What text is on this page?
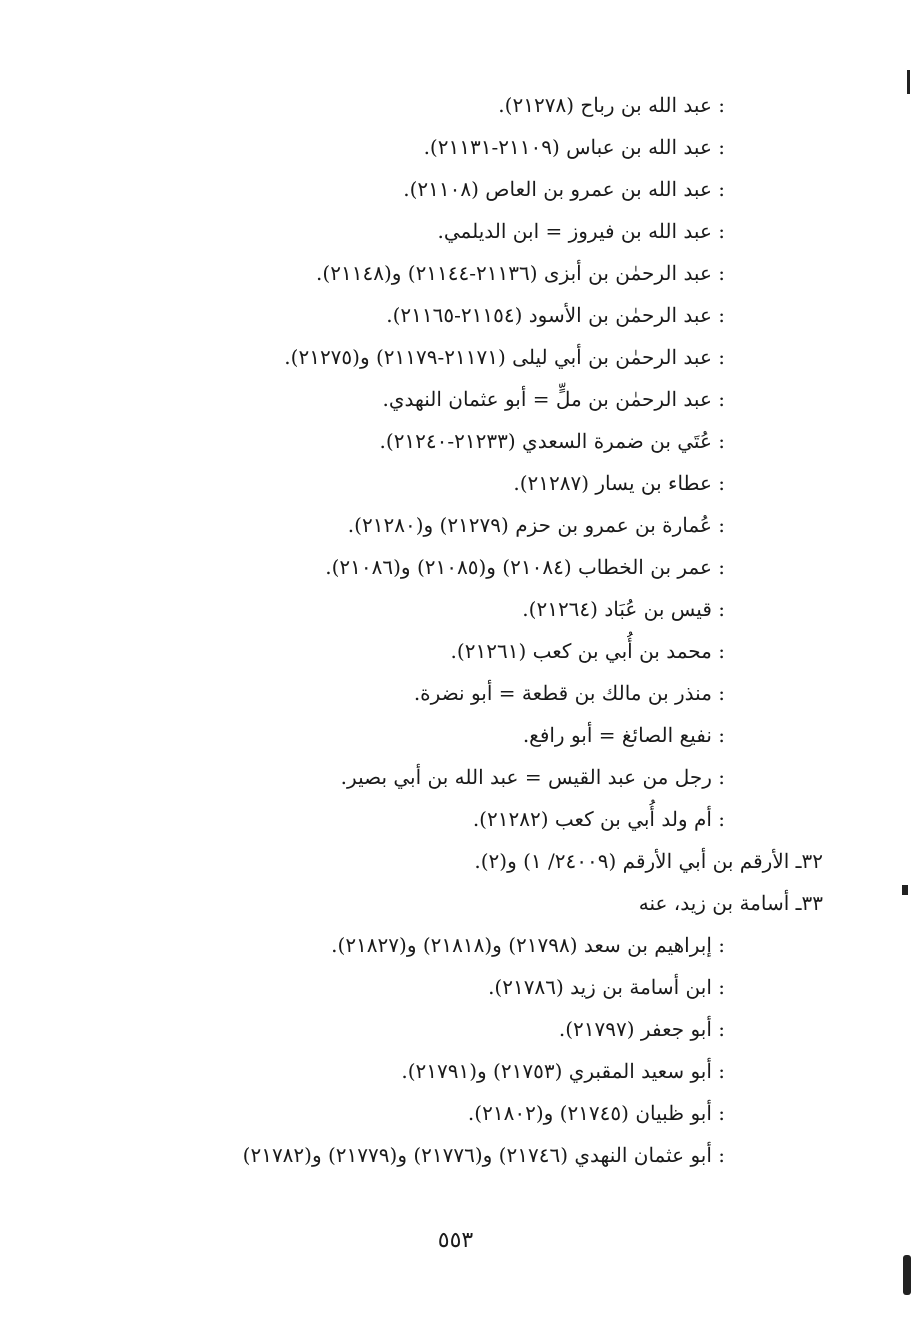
: عبد الله بن رباح (٢١٢٧٨).
: عبد الله بن عباس (٢١١٠٩-٢١١٣١).
: عبد الله بن عمرو بن العاص (٢١١٠٨).
: عبد الله بن فيروز = ابن الديلمي.
: عبد الرحمٰن بن أبزى (٢١١٣٦-٢١١٤٤) و(٢١١٤٨).
: عبد الرحمٰن بن الأسود (٢١١٥٤-٢١١٦٥).
: عبد الرحمٰن بن أبي ليلى (٢١١٧١-٢١١٧٩) و(٢١٢٧٥).
: عبد الرحمٰن بن ملٍّ = أبو عثمان النهدي.
: عُتَي بن ضمرة السعدي (٢١٢٣٣-٢١٢٤٠).
: عطاء بن يسار (٢١٢٨٧).
: عُمارة بن عمرو بن حزم (٢١٢٧٩) و(٢١٢٨٠).
: عمر بن الخطاب (٢١٠٨٤) و(٢١٠٨٥) و(٢١٠٨٦).
: قيس بن عُبَاد (٢١٢٦٤).
: محمد بن أُبي بن كعب (٢١٢٦١).
: منذر بن مالك بن قطعة = أبو نضرة.
: نفيع الصائغ = أبو رافع.
: رجل من عبد القيس = عبد الله بن أبي بصير.
: أم ولد أُبي بن كعب (٢١٢٨٢).
٣٢ـ الأرقم بن أبي الأرقم (٢٤٠٠٩/ ١) و(٢).
٣٣ـ أسامة بن زيد، عنه
: إبراهيم بن سعد (٢١٧٩٨) و(٢١٨١٨) و(٢١٨٢٧).
: ابن أسامة بن زيد (٢١٧٨٦).
: أبو جعفر (٢١٧٩٧).
: أبو سعيد المقبري (٢١٧٥٣) و(٢١٧٩١).
: أبو ظبيان (٢١٧٤٥) و(٢١٨٠٢).
: أبو عثمان النهدي (٢١٧٤٦) و(٢١٧٧٦) و(٢١٧٧٩) و(٢١٧٨٢)
٥٥٣
